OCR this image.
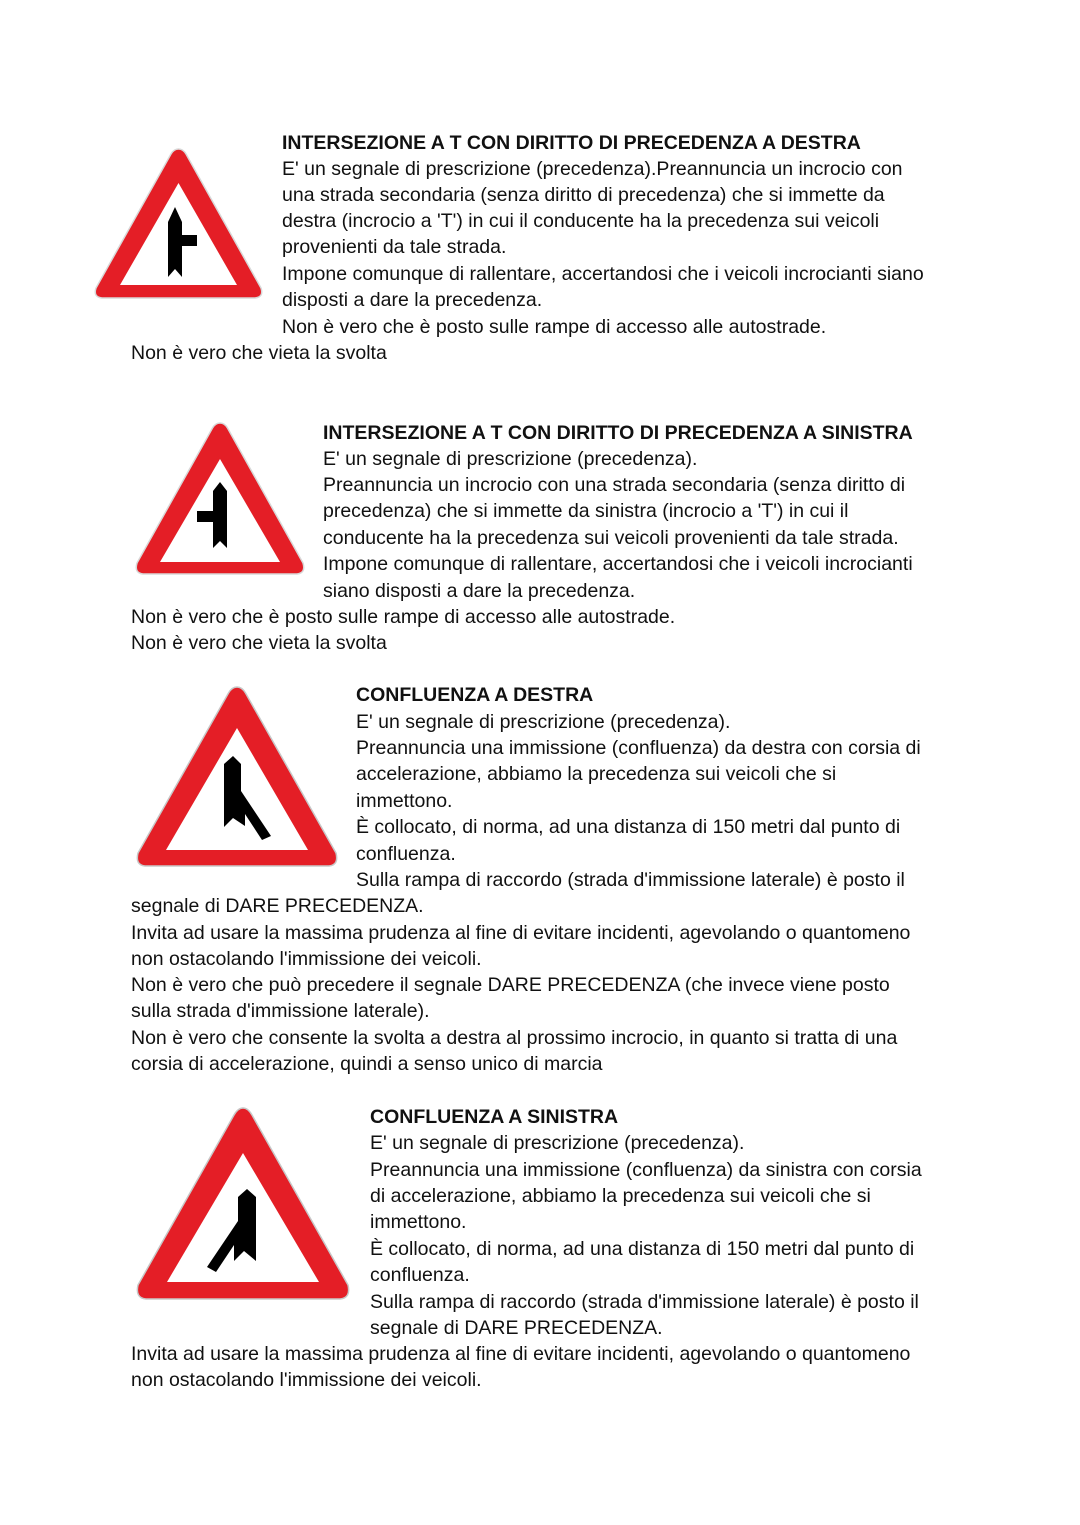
INTERSEZIONE A T CON DIRITTO DI PRECEDENZA A DESTRA
E' un segnale di prescrizione (precedenza).Preannuncia un incrocio con
una strada secondaria (senza diritto di precedenza) che si immette da
destra (incrocio a 'T') in cui il conducente ha la precedenza sui veicoli
provenienti da tale strada.
Impone comunque di rallentare, accertandosi che i veicoli incrocianti siano
disposti a dare la precedenza.
Non è vero che è posto sulle rampe di accesso alle autostrade.
Non è vero che vieta la svolta
INTERSEZIONE A T CON DIRITTO DI PRECEDENZA A SINISTRA
E' un segnale di prescrizione (precedenza).
Preannuncia un incrocio con una strada secondaria (senza diritto di
precedenza) che si immette da sinistra (incrocio a 'T') in cui il
conducente ha la precedenza sui veicoli provenienti da tale strada.
Impone comunque di rallentare, accertandosi che i veicoli incrocianti
siano disposti a dare la precedenza.
Non è vero che è posto sulle rampe di accesso alle autostrade.
Non è vero che vieta la svolta
CONFLUENZA A DESTRA
E' un segnale di prescrizione (precedenza).
Preannuncia una immissione (confluenza) da destra con corsia di
accelerazione, abbiamo la precedenza sui veicoli che si
immettono.
È collocato, di norma, ad una distanza di 150 metri dal punto di
confluenza.
Sulla rampa di raccordo (strada d'immissione laterale) è posto il
segnale di DARE PRECEDENZA.
Invita ad usare la massima prudenza al fine di evitare incidenti, agevolando o quantomeno
non ostacolando l'immissione dei veicoli.
Non è vero che può precedere il segnale DARE PRECEDENZA (che invece viene posto
sulla strada d'immissione laterale).
Non è vero che consente la svolta a destra al prossimo incrocio, in quanto si tratta di una
corsia di accelerazione, quindi a senso unico di marcia
CONFLUENZA A SINISTRA
E' un segnale di prescrizione (precedenza).
Preannuncia una immissione (confluenza) da sinistra con corsia
di accelerazione, abbiamo la precedenza sui veicoli che si
immettono.
È collocato, di norma, ad una distanza di 150 metri dal punto di
confluenza.
Sulla rampa di raccordo (strada d'immissione laterale) è posto il
segnale di DARE PRECEDENZA.
Invita ad usare la massima prudenza al fine di evitare incidenti, agevolando o quantomeno
non ostacolando l'immissione dei veicoli.
